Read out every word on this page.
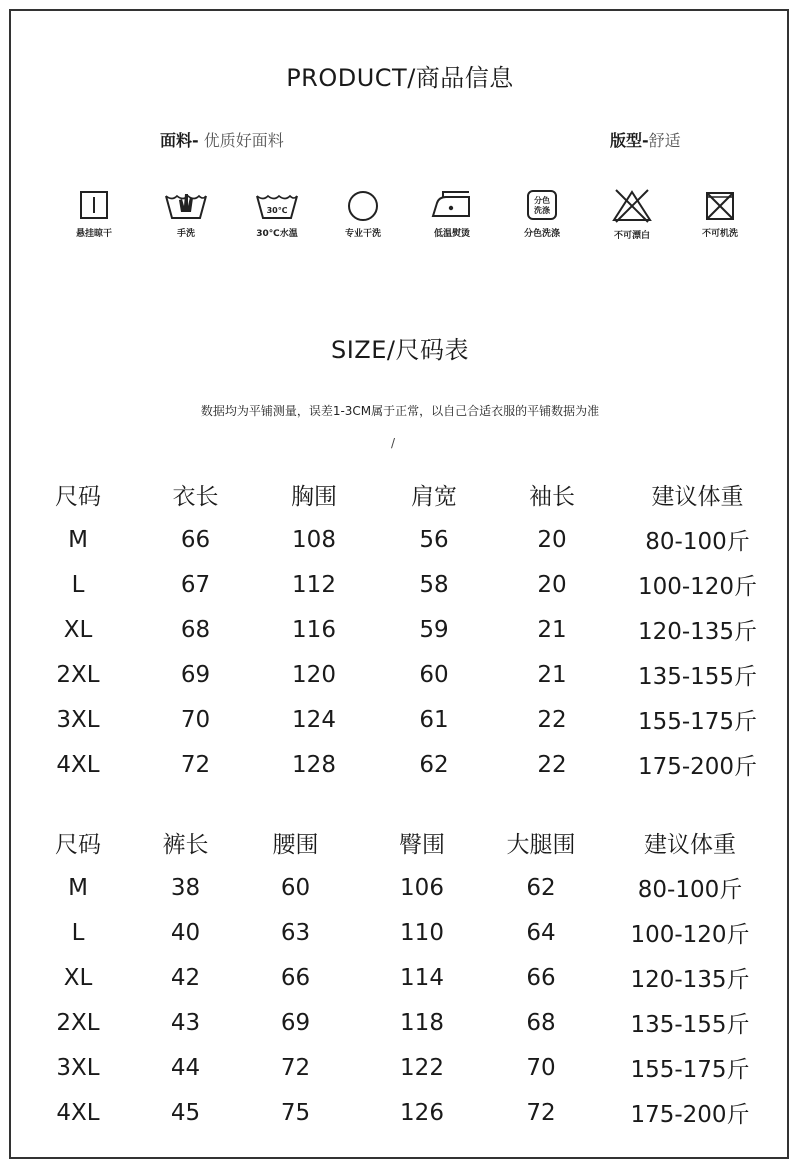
PRODUCT/商品信息
面料- 优质好面料	版型-舒适
悬挂晾干	手洗
30℃
30℃水温	专业干洗	低温熨烫
分色
洗涤
分色洗涤	不可漂白	不可机洗
SIZE/尺码表
数据均为平铺测量，误差1-3CM属于正常，以自己合适衣服的平铺数据为准
/
尺码	衣长	胸围	肩宽	袖长	建议体重
M	66	108	56	20	80-100斤
L	67	112	58	20	100-120斤
XL	68	116	59	21	120-135斤
2XL	69	120	60	21	135-155斤
3XL	70	124	61	22	155-175斤
4XL	72	128	62	22	175-200斤
尺码	裤长	腰围	臀围	大腿围	建议体重
M	38	60	106	62	80-100斤
L	40	63	110	64	100-120斤
XL	42	66	114	66	120-135斤
2XL	43	69	118	68	135-155斤
3XL	44	72	122	70	155-175斤
4XL	45	75	126	72	175-200斤
